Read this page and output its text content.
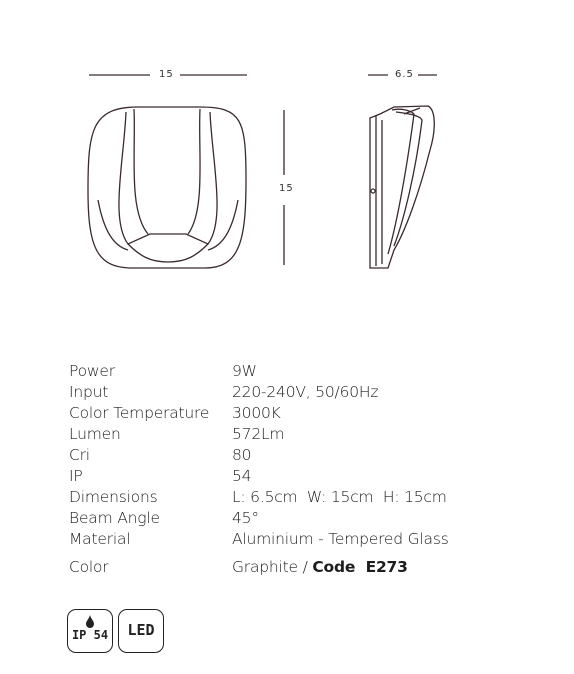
15	6.5
15
Power	9W
Input	220-240V, 50/60Hz
Color Temperature	3000K
Lumen	572Lm
Cri	80
IP	54
Dimensions	L: 6.5cm  W: 15cm  H: 15cm
Beam Angle	45°
Material	Aluminium - Tempered Glass
Color	Graphite / Code  E273
IP 54	LED
